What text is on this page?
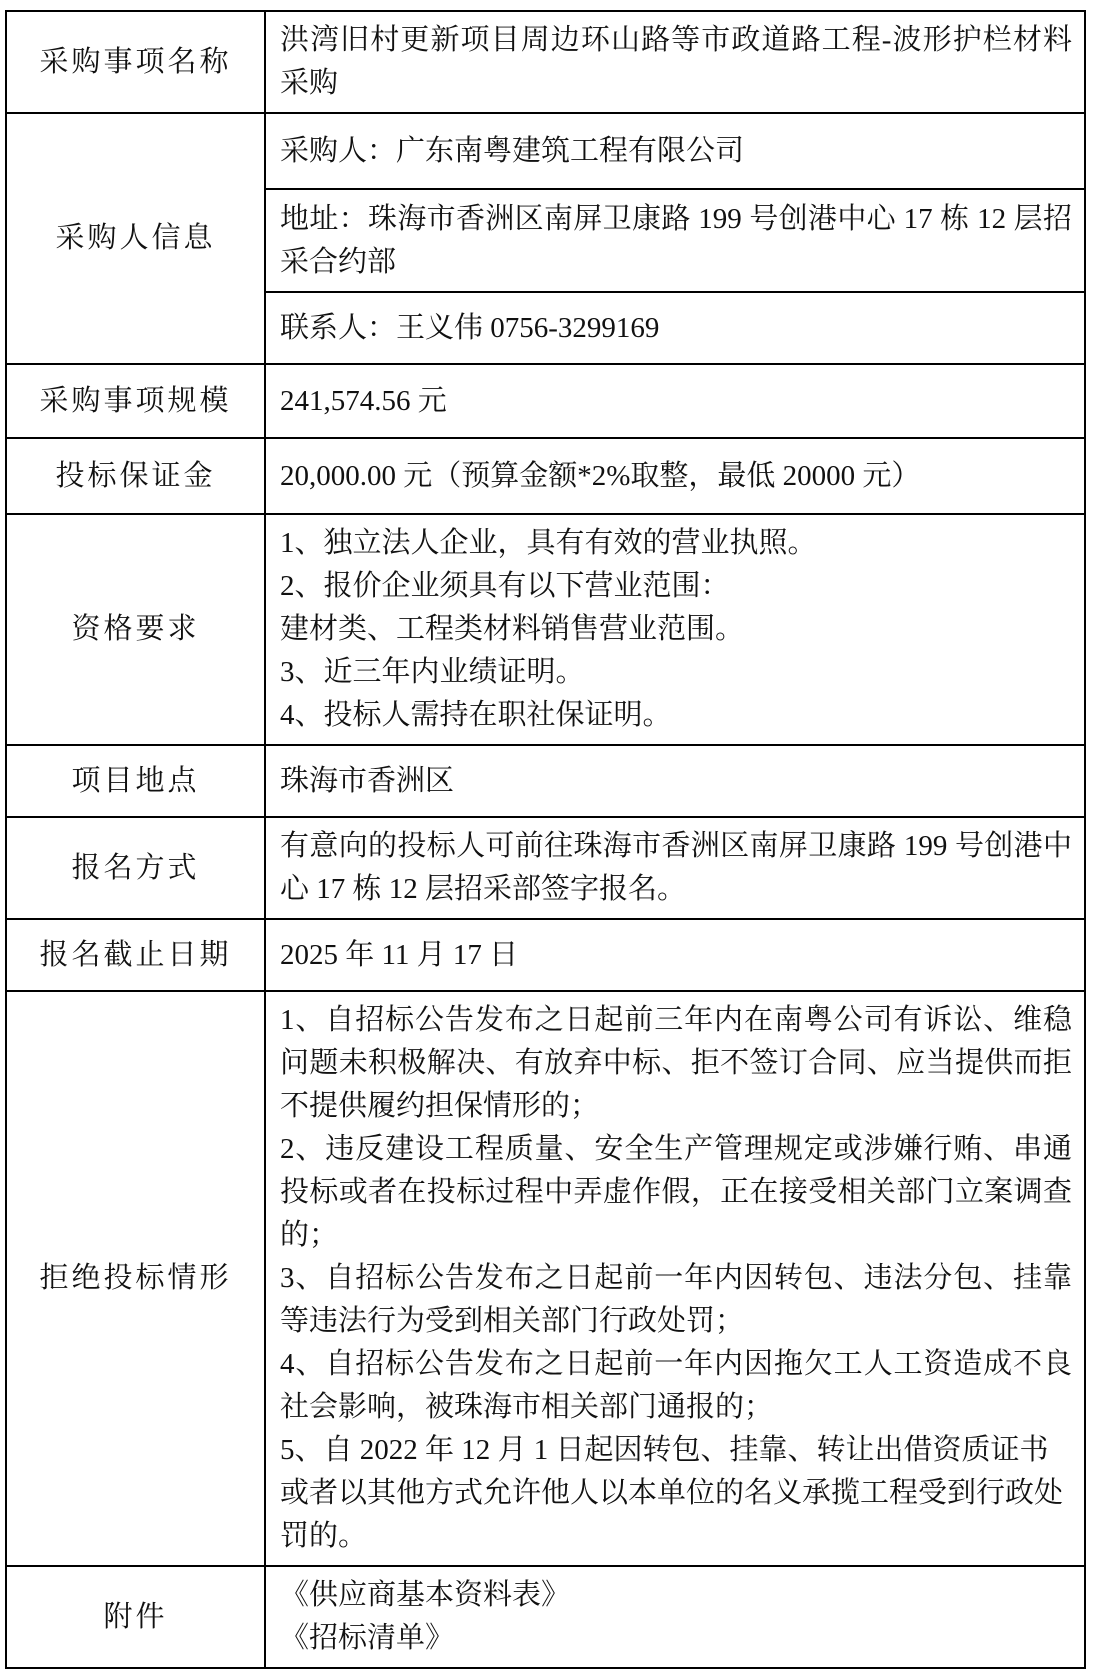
采购事项名称	洪湾旧村更新项目周边环山路等市政道路工程-波形护栏材料采购
采购人信息	采购人：广东南粤建筑工程有限公司
	地址：珠海市香洲区南屏卫康路 199 号创港中心 17 栋 12 层招采合约部
	联系人：王义伟 0756-3299169
采购事项规模	241,574.56 元
投标保证金	20,000.00 元（预算金额*2%取整，最低 20000 元）
资格要求	1、独立法人企业，具有有效的营业执照。

2、报价企业须具有以下营业范围：

建材类、工程类材料销售营业范围。

3、近三年内业绩证明。

4、投标人需持在职社保证明。

项目地点	珠海市香洲区
报名方式	有意向的投标人可前往珠海市香洲区南屏卫康路 199 号创港中心 17 栋 12 层招采部签字报名。
报名截止日期	2025 年 11 月 17 日
拒绝投标情形	1、自招标公告发布之日起前三年内在南粤公司有诉讼、维稳问题未积极解决、有放弃中标、拒不签订合同、应当提供而拒不提供履约担保情形的；

2、违反建设工程质量、安全生产管理规定或涉嫌行贿、串通投标或者在投标过程中弄虚作假，正在接受相关部门立案调查的；

3、自招标公告发布之日起前一年内因转包、违法分包、挂靠等违法行为受到相关部门行政处罚；

4、自招标公告发布之日起前一年内因拖欠工人工资造成不良社会影响，被珠海市相关部门通报的；

5、自 2022 年 12 月 1 日起因转包、挂靠、转让出借资质证书或者以其他方式允许他人以本单位的名义承揽工程受到行政处罚的。

附件	《供应商基本资料表》

《招标清单》
